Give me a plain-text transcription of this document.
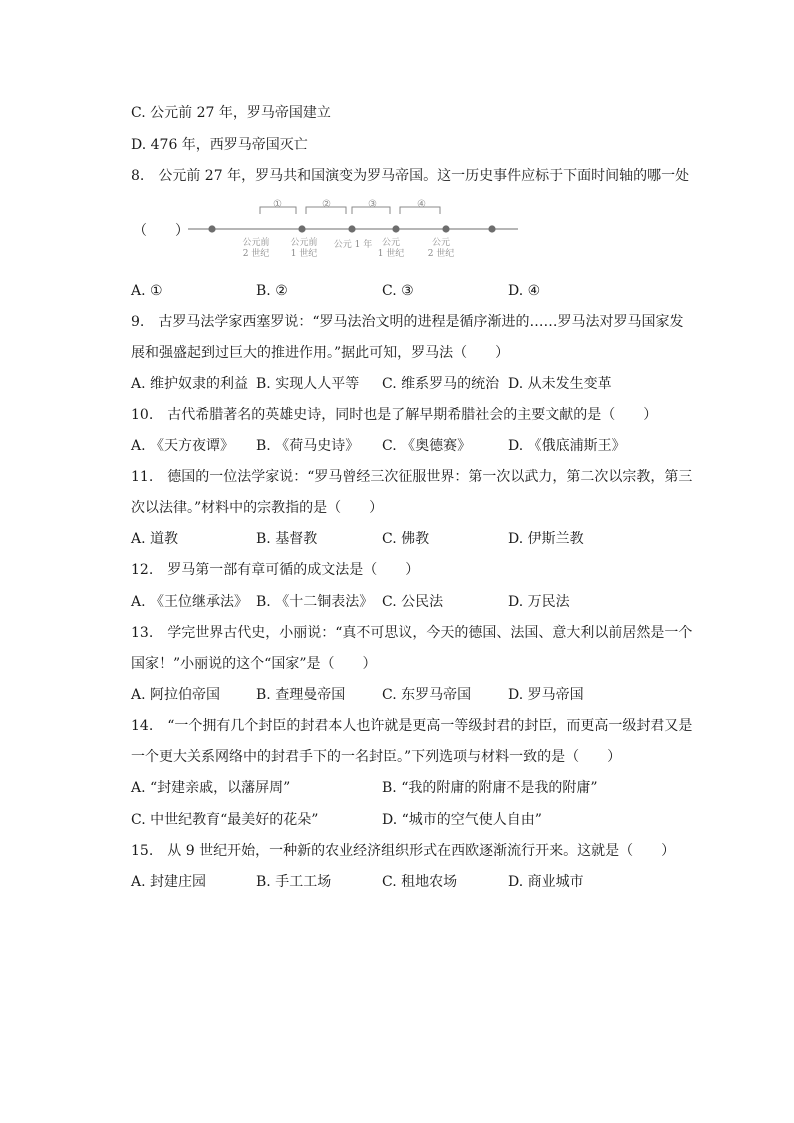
C. 公元前 27 年，罗马帝国建立
D. 476 年，西罗马帝国灭亡
8.　公元前 27 年，罗马共和国演变为罗马帝国。这一历史事件应标于下面时间轴的哪一处
（　　）
①	②	③	④
公元前
2 世纪
公元前
1 世纪
公元 1 年	公元
1 世纪
公元
2 世纪
A. ①	B. ②	C. ③	D. ④
9.　古罗马法学家西塞罗说：“罗马法治文明的进程是循序渐进的……罗马法对罗马国家发
展和强盛起到过巨大的推进作用。”据此可知，罗马法（　　）
A. 维护奴隶的利益 B. 实现人人平等 C. 维系罗马的统治 D. 从未发生变革
10.　古代希腊著名的英雄史诗，同时也是了解早期希腊社会的主要文献的是（　　）
A. 《天方夜谭》 B. 《荷马史诗》 C. 《奥德赛》	D. 《俄底浦斯王》
11.　德国的一位法学家说：“罗马曾经三次征服世界：第一次以武力，第二次以宗教，第三
次以法律。”材料中的宗教指的是（　　）
A. 道教	B. 基督教	C. 佛教	D. 伊斯兰教
12.　罗马第一部有章可循的成文法是（　　）
A. 《王位继承法》 B. 《十二铜表法》 C. 公民法	D. 万民法
13.　学完世界古代史，小丽说：“真不可思议，今天的德国、法国、意大利以前居然是一个
国家！”小丽说的这个“国家”是（　　）
A. 阿拉伯帝国	B. 查理曼帝国	C. 东罗马帝国	D. 罗马帝国
14.　“一个拥有几个封臣的封君本人也许就是更高一等级封君的封臣，而更高一级封君又是
一个更大关系网络中的封君手下的一名封臣。”下列选项与材料一致的是（　　）
A. “封建亲戚，以藩屏周”	B. “我的附庸的附庸不是我的附庸”
C. 中世纪教育“最美好的花朵”	D. “城市的空气使人自由”
15.　从 9 世纪开始，一种新的农业经济组织形式在西欧逐渐流行开来。这就是（　　）
A. 封建庄园	B. 手工工场	C. 租地农场	D. 商业城市
